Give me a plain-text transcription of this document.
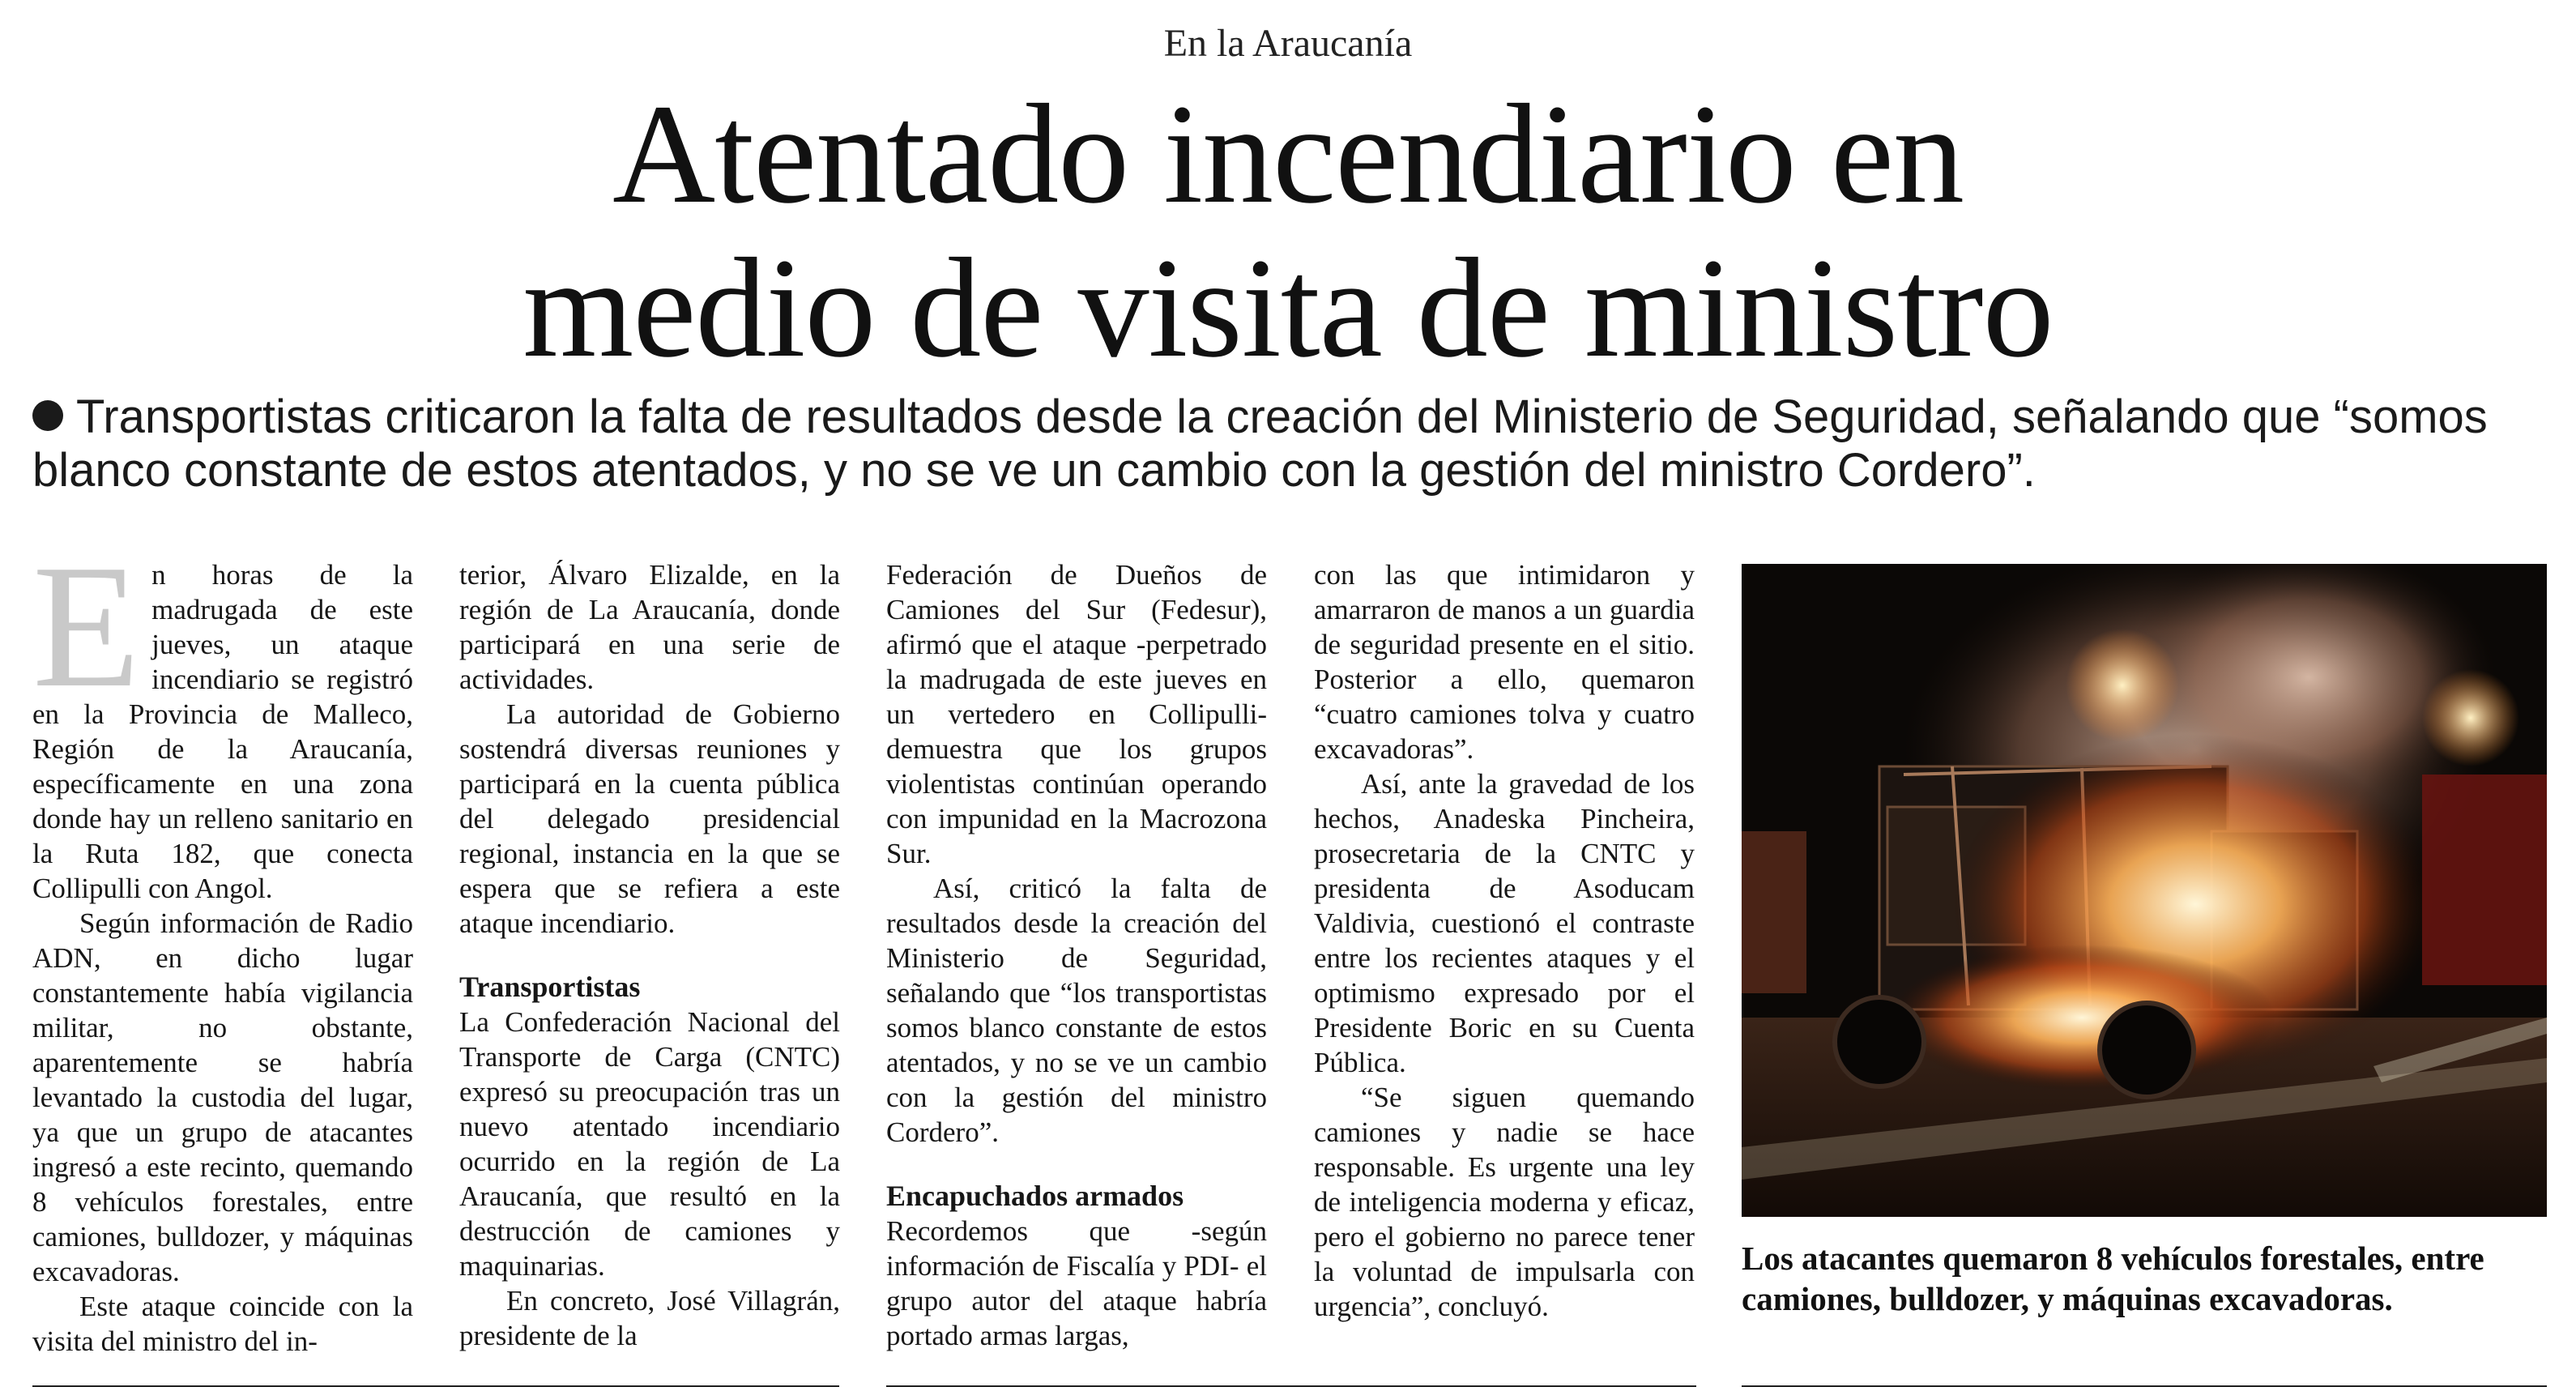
En la Araucanía
Atentado incendiario en
medio de visita de ministro
Transportistas criticaron la falta de resultados desde la creación del Ministerio de Seguridad, señalando que “somos blanco constante de estos atentados, y no se ve un cambio con la gestión del ministro Cordero”.

En horas de la madrugada de este jueves, un ataque incendiario se registró en la Provincia de Malleco, Región de la Araucanía, específicamente en una zona donde hay un relleno sanitario en la Ruta 182, que conecta Collipulli con Angol.

Según información de Radio ADN, en dicho lugar constantemente había vigilancia militar, no obstante, aparentemente se habría levantado la custodia del lugar, ya que un grupo de atacantes ingresó a este recinto, quemando 8 vehículos forestales, entre camiones, bulldozer, y máquinas excavadoras.

Este ataque coincide con la visita del ministro del in-

terior, Álvaro Elizalde, en la región de La Araucanía, donde participará en una serie de actividades.

La autoridad de Gobierno sostendrá diversas reuniones y participará en la cuenta pública del delegado presidencial regional, instancia en la que se espera que se refiera a este ataque incendiario.

Transportistas

La Confederación Nacional del Transporte de Carga (CNTC) expresó su preocupación tras un nuevo atentado incendiario ocurrido en la región de La Araucanía, que resultó en la destrucción de camiones y maquinarias.

En concreto, José Villagrán, presidente de la

Federación de Dueños de Camiones del Sur (Fedesur), afirmó que el ataque -perpetrado la madrugada de este jueves en un vertedero en Collipulli- demuestra que los grupos violentistas continúan operando con impunidad en la Macrozona Sur.

Así, criticó la falta de resultados desde la creación del Ministerio de Seguridad, señalando que “los transportistas somos blanco constante de estos atentados, y no se ve un cambio con la gestión del ministro Cordero”.

Encapuchados armados

Recordemos que -según información de Fiscalía y PDI- el grupo autor del ataque habría portado armas largas,

con las que intimidaron y amarraron de manos a un guardia de seguridad presente en el sitio. Posterior a ello, quemaron “cuatro camiones tolva y cuatro excavadoras”.

Así, ante la gravedad de los hechos, Anadeska Pincheira, prosecretaria de la CNTC y presidenta de Asoducam Valdivia, cuestionó el contraste entre los recientes ataques y el optimismo expresado por el Presidente Boric en su Cuenta Pública.

“Se siguen quemando camiones y nadie se hace responsable. Es urgente una ley de inteligencia moderna y eficaz, pero el gobierno no parece tener la voluntad de impulsarla con urgencia”, concluyó.

Los atacantes quemaron 8 vehículos forestales, entre camiones, bulldozer, y máquinas excavadoras.
